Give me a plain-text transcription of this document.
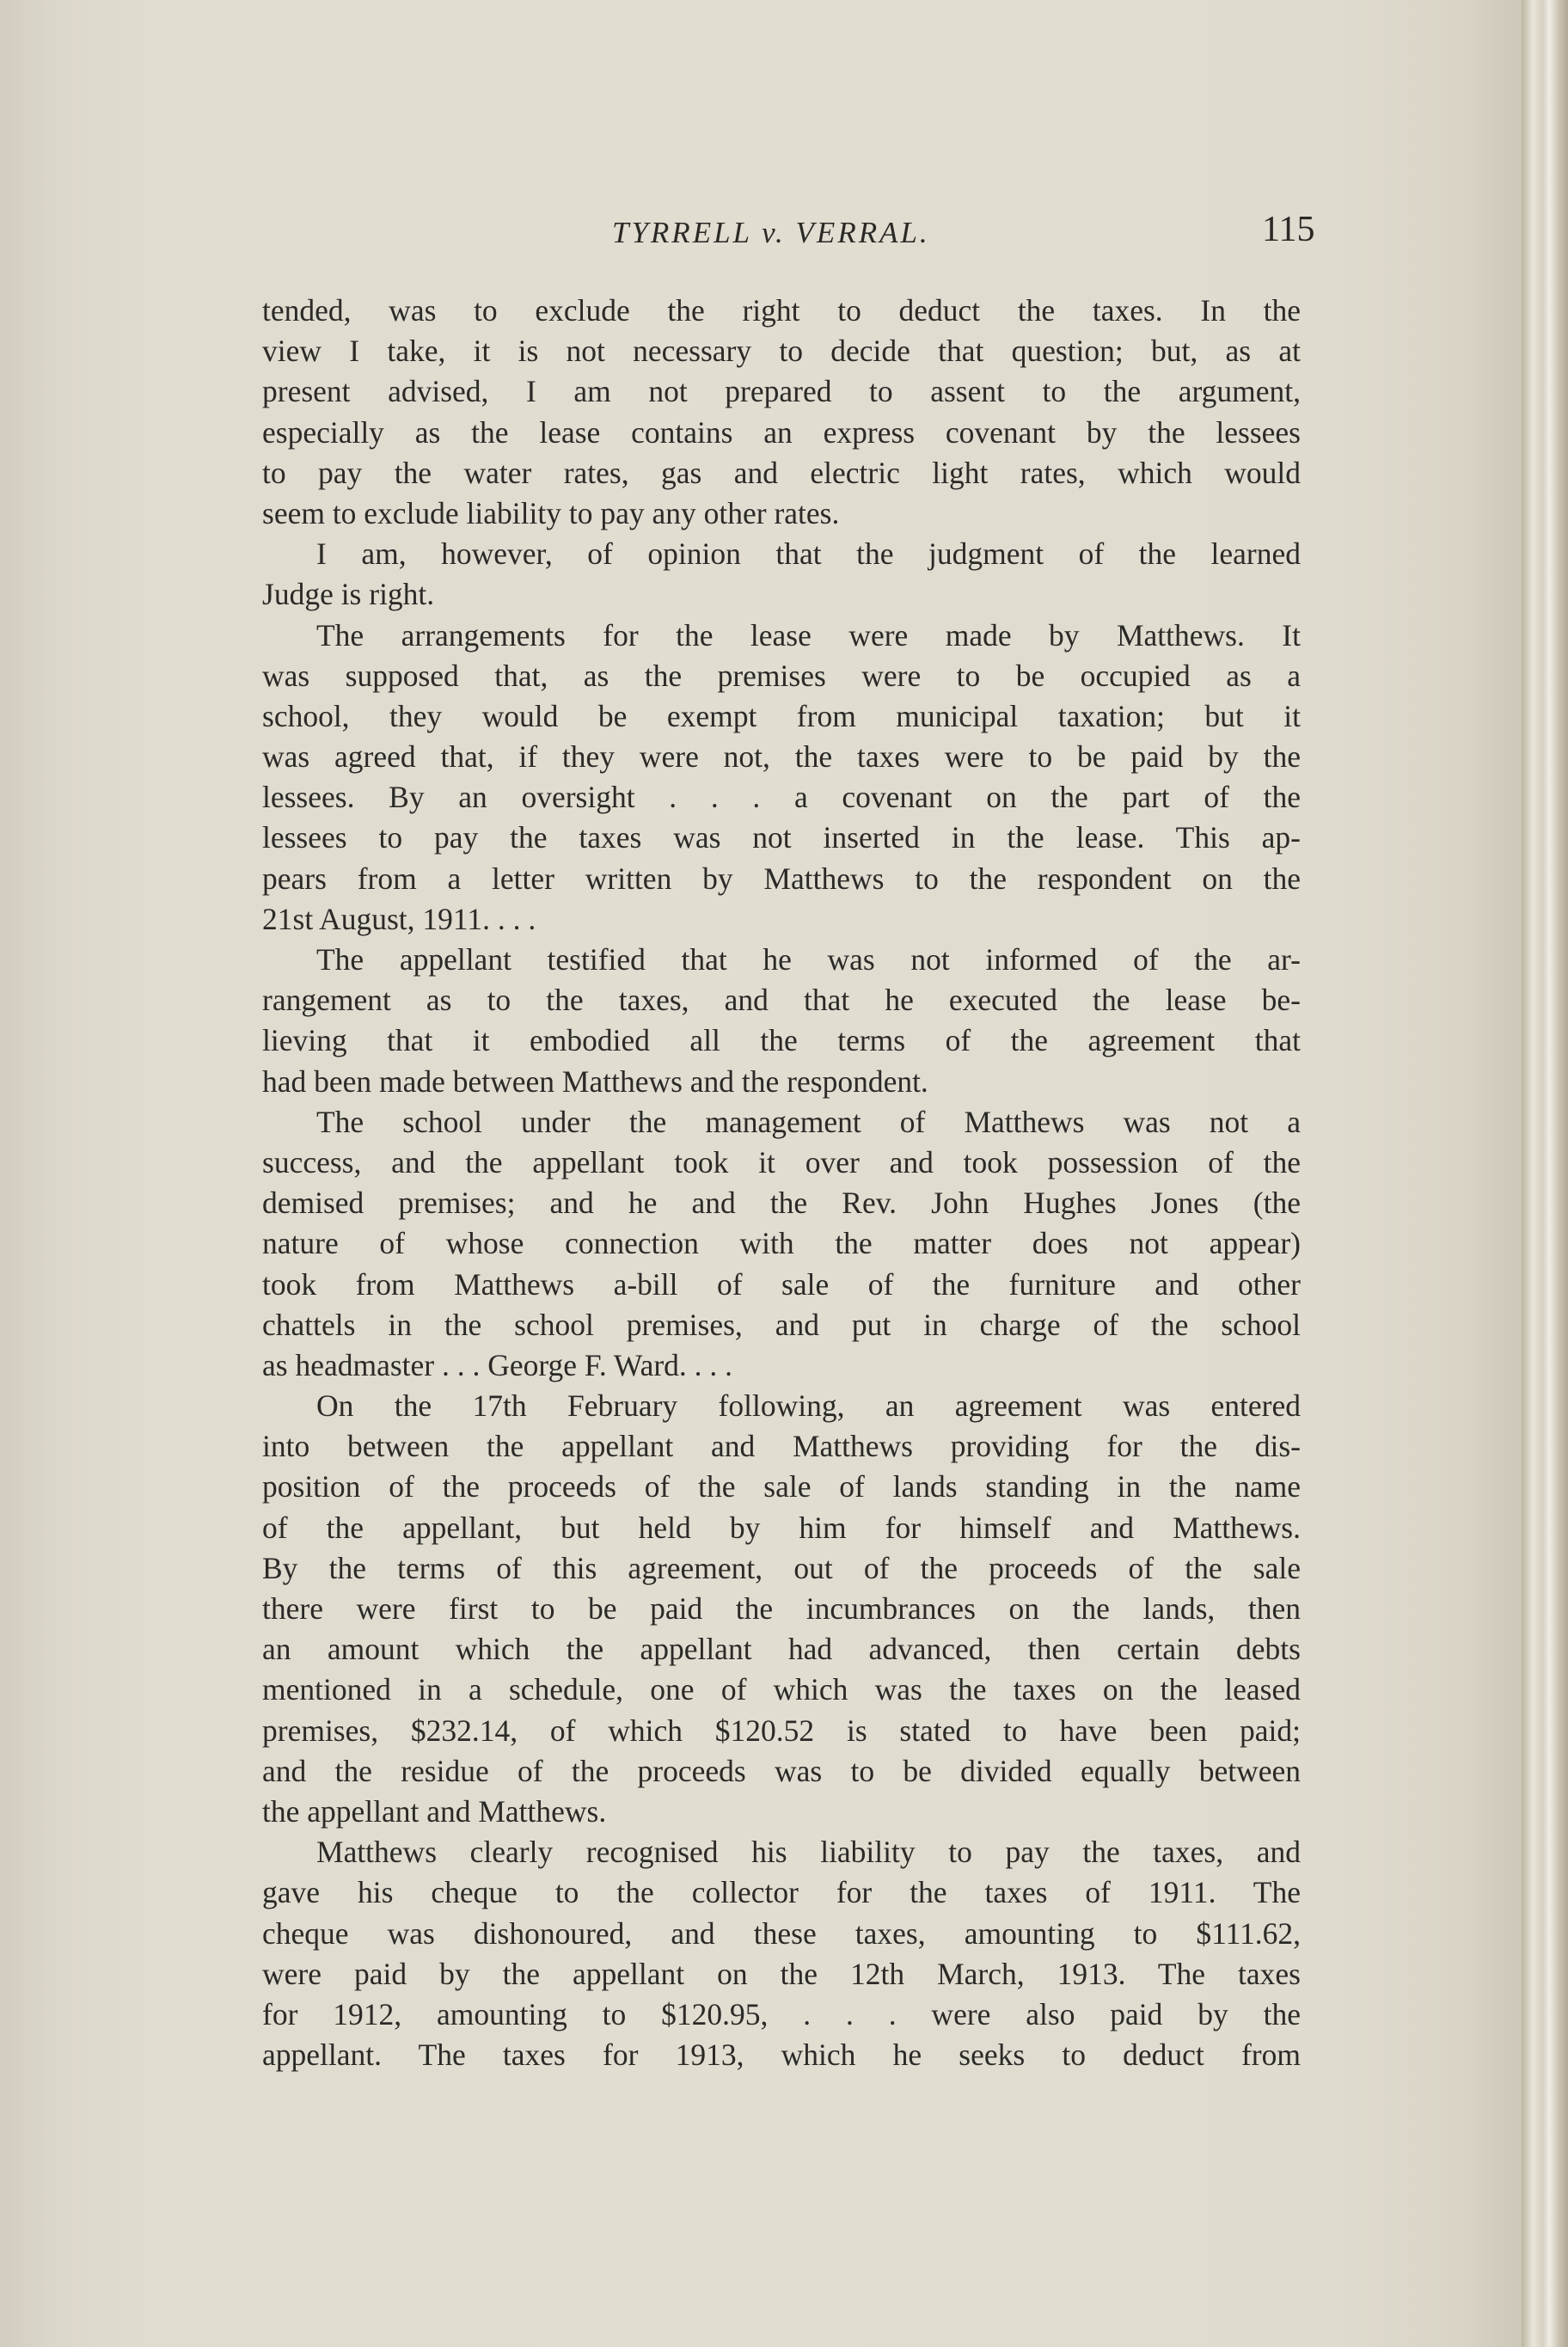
TYRRELL v. VERRAL.	115
tended, was to exclude the right to deduct the taxes. In the
view I take, it is not necessary to decide that question; but, as at
present advised, I am not prepared to assent to the argument,
especially as the lease contains an express covenant by the lessees
to pay the water rates, gas and electric light rates, which would
seem to exclude liability to pay any other rates.
I am, however, of opinion that the judgment of the learned
Judge is right.
The arrangements for the lease were made by Matthews. It
was supposed that, as the premises were to be occupied as a
school, they would be exempt from municipal taxation; but it
was agreed that, if they were not, the taxes were to be paid by the
lessees. By an oversight . . . a covenant on the part of the
lessees to pay the taxes was not inserted in the lease. This ap-
pears from a letter written by Matthews to the respondent on the
21st August, 1911. . . .
The appellant testified that he was not informed of the ar-
rangement as to the taxes, and that he executed the lease be-
lieving that it embodied all the terms of the agreement that
had been made between Matthews and the respondent.
The school under the management of Matthews was not a
success, and the appellant took it over and took possession of the
demised premises; and he and the Rev. John Hughes Jones (the
nature of whose connection with the matter does not appear)
took from Matthews a-bill of sale of the furniture and other
chattels in the school premises, and put in charge of the school
as headmaster . . . George F. Ward. . . .
On the 17th February following, an agreement was entered
into between the appellant and Matthews providing for the dis-
position of the proceeds of the sale of lands standing in the name
of the appellant, but held by him for himself and Matthews.
By the terms of this agreement, out of the proceeds of the sale
there were first to be paid the incumbrances on the lands, then
an amount which the appellant had advanced, then certain debts
mentioned in a schedule, one of which was the taxes on the leased
premises, $232.14, of which $120.52 is stated to have been paid;
and the residue of the proceeds was to be divided equally between
the appellant and Matthews.
Matthews clearly recognised his liability to pay the taxes, and
gave his cheque to the collector for the taxes of 1911. The
cheque was dishonoured, and these taxes, amounting to $111.62,
were paid by the appellant on the 12th March, 1913. The taxes
for 1912, amounting to $120.95, . . . were also paid by the
appellant. The taxes for 1913, which he seeks to deduct from
